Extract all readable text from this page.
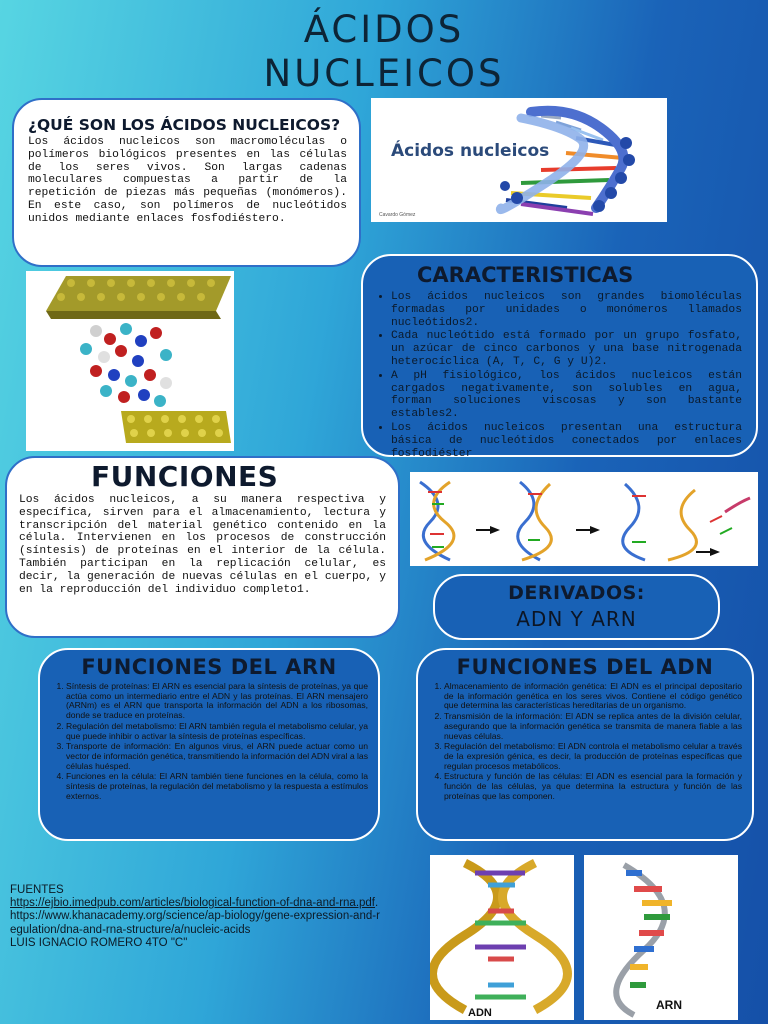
ÁCIDOS
NUCLEICOS
¿QUÉ SON LOS ÁCIDOS NUCLEICOS?
Los ácidos nucleicos son macromoléculas o polímeros biológicos presentes en las células de los seres vivos. Son largas cadenas moleculares compuestas a partir de la repetición de piezas más pequeñas (monómeros). En este caso, son polímeros de nucleótidos unidos mediante enlaces fosfodiéstero.
Ácidos nucleicos
Cavardo Gómez
CARACTERISTICAS
• Los ácidos nucleicos son grandes biomoléculas formadas por unidades o monómeros llamados nucleótidos2.
• Cada nucleótido está formado por un grupo fosfato, un azúcar de cinco carbonos y una base nitrogenada heterocíclica (A, T, C, G y U)2.
• A pH fisiológico, los ácidos nucleicos están cargados negativamente, son solubles en agua, forman soluciones viscosas y son bastante estables2.
• Los ácidos nucleicos presentan una estructura básica de nucleótidos conectados por enlaces fosfodiéster
FUNCIONES
Los ácidos nucleicos, a su manera respectiva y específica, sirven para el almacenamiento, lectura y transcripción del material genético contenido en la célula. Intervienen en los procesos de construcción (síntesis) de proteínas en el interior de la célula. También participan en la replicación celular, es decir, la generación de nuevas células en el cuerpo, y en la reproducción del individuo completo1.	DERIVADOS:
ADN Y ARN
FUNCIONES DEL ARN
1. Síntesis de proteínas: El ARN es esencial para la síntesis de proteínas, ya que actúa como un intermediario entre el ADN y las proteínas. El ARN mensajero (ARNm) es el ARN que transporta la información del ADN a los ribosomas, donde se traduce en proteínas.
2. Regulación del metabolismo: El ARN también regula el metabolismo celular, ya que puede inhibir o activar la síntesis de proteínas específicas.
3. Transporte de información: En algunos virus, el ARN puede actuar como un vector de información genética, transmitiendo la información del ADN viral a las células huésped.
4. Funciones en la célula: El ARN también tiene funciones en la célula, como la síntesis de proteínas, la regulación del metabolismo y la respuesta a estímulos externos.
FUNCIONES DEL ADN
1. Almacenamiento de información genética: El ADN es el principal depositario de la información genética en los seres vivos. Contiene el código genético que determina las características hereditarias de un organismo.
2. Transmisión de la información: El ADN se replica antes de la división celular, asegurando que la información genética se transmita de manera fiable a las nuevas células.
3. Regulación del metabolismo: El ADN controla el metabolismo celular a través de la expresión génica, es decir, la producción de proteínas específicas que regulan procesos metabólicos.
4. Estructura y función de las células: El ADN es esencial para la formación y función de las células, ya que determina la estructura y función de las proteínas que las componen.
FUENTES
https://ejbio.imedpub.com/articles/biological-function-of-dna-and-rna.pdf.
https://www.khanacademy.org/science/ap-biology/gene-expression-and-regulation/dna-and-rna-structure/a/nucleic-acids
LUIS IGNACIO ROMERO 4TO "C"
ADN
ARN
